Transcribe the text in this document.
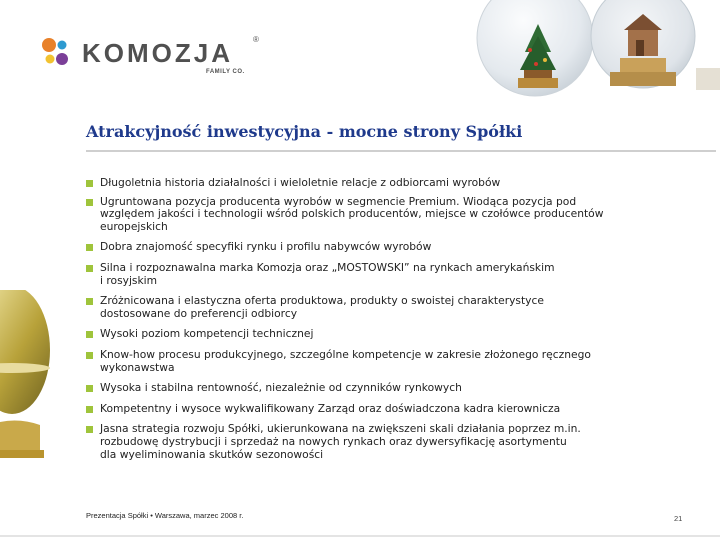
KOMOZJA	®
FAMILY CO.
Atrakcyjność inwestycyjna - mocne strony Spółki
Długoletnia historia działalności i wieloletnie relacje z odbiorcami wyrobów
Ugruntowana pozycja producenta wyrobów w segmencie Premium. Wiodąca pozycja pod
względem jakości i technologii wśród polskich producentów, miejsce w czołówce producentów
europejskich
Dobra znajomość specyfiki rynku i profilu nabywców wyrobów
Silna i rozpoznawalna marka Komozja oraz „MOSTOWSKI” na rynkach amerykańskim
i rosyjskim
Zróżnicowana i elastyczna oferta produktowa, produkty o swoistej charakterystyce
dostosowane do preferencji odbiorcy
Wysoki poziom kompetencji technicznej
Know-how procesu produkcyjnego, szczególne kompetencje w zakresie złożonego ręcznego
wykonawstwa
Wysoka i stabilna rentowność, niezależnie od czynników rynkowych
Kompetentny i wysoce wykwalifikowany Zarząd oraz doświadczona kadra kierownicza
Jasna strategia rozwoju Spółki, ukierunkowana na zwiększeni skali działania poprzez m.in.
rozbudowę dystrybucji i sprzedaż na nowych rynkach oraz dywersyfikację asortymentu
dla wyeliminowania skutków sezonowości
Prezentacja Spółki • Warszawa, marzec 2008 r.	21
